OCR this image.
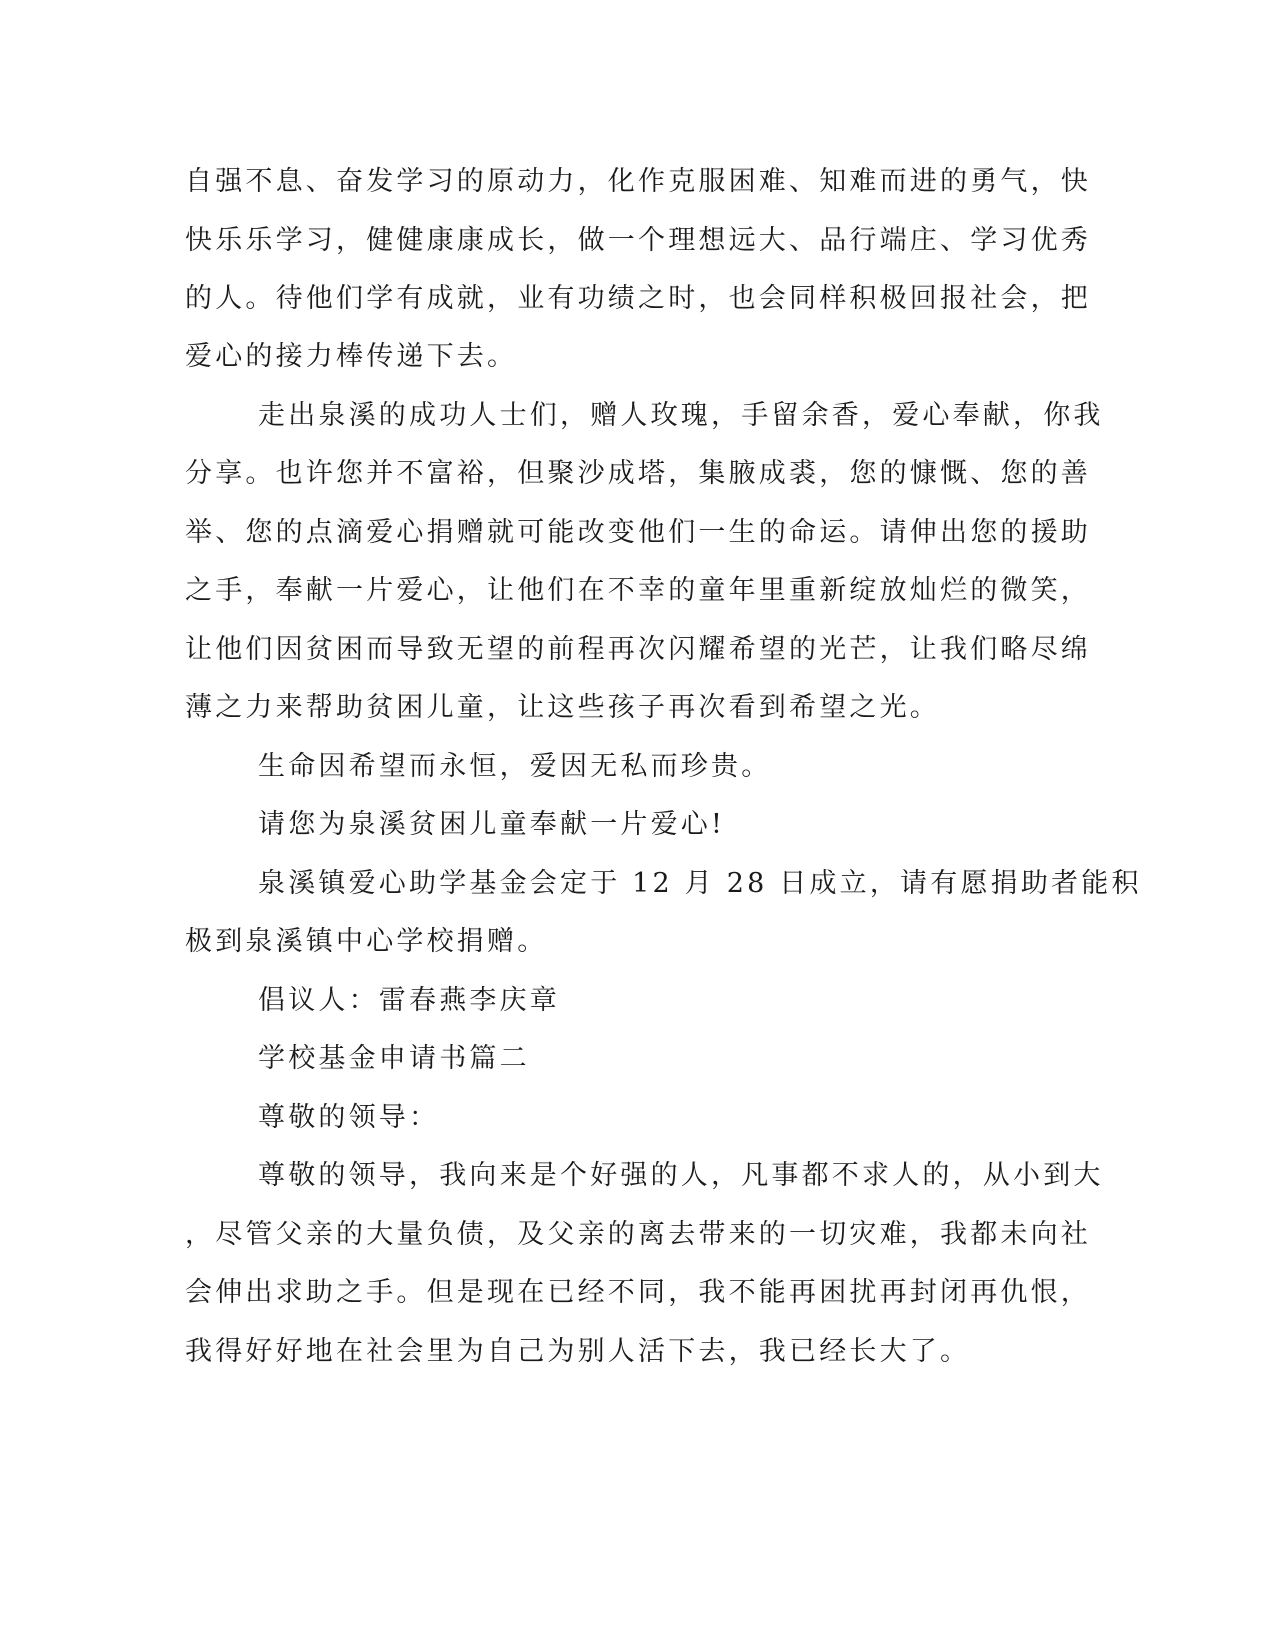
自强不息、奋发学习的原动力，化作克服困难、知难而进的勇气，快
快乐乐学习，健健康康成长，做一个理想远大、品行端庄、学习优秀
的人。待他们学有成就，业有功绩之时，也会同样积极回报社会，把
爱心的接力棒传递下去。
走出泉溪的成功人士们，赠人玫瑰，手留余香，爱心奉献，你我
分享。也许您并不富裕，但聚沙成塔，集腋成裘，您的慷慨、您的善
举、您的点滴爱心捐赠就可能改变他们一生的命运。请伸出您的援助
之手，奉献一片爱心，让他们在不幸的童年里重新绽放灿烂的微笑，
让他们因贫困而导致无望的前程再次闪耀希望的光芒，让我们略尽绵
薄之力来帮助贫困儿童，让这些孩子再次看到希望之光。
生命因希望而永恒，爱因无私而珍贵。
请您为泉溪贫困儿童奉献一片爱心!
泉溪镇爱心助学基金会定于 12 月 28 日成立，请有愿捐助者能积
极到泉溪镇中心学校捐赠。
倡议人：雷春燕李庆章
学校基金申请书篇二
尊敬的领导：
尊敬的领导，我向来是个好强的人，凡事都不求人的，从小到大
，尽管父亲的大量负债，及父亲的离去带来的一切灾难，我都未向社
会伸出求助之手。但是现在已经不同，我不能再困扰再封闭再仇恨，
我得好好地在社会里为自己为别人活下去，我已经长大了。
